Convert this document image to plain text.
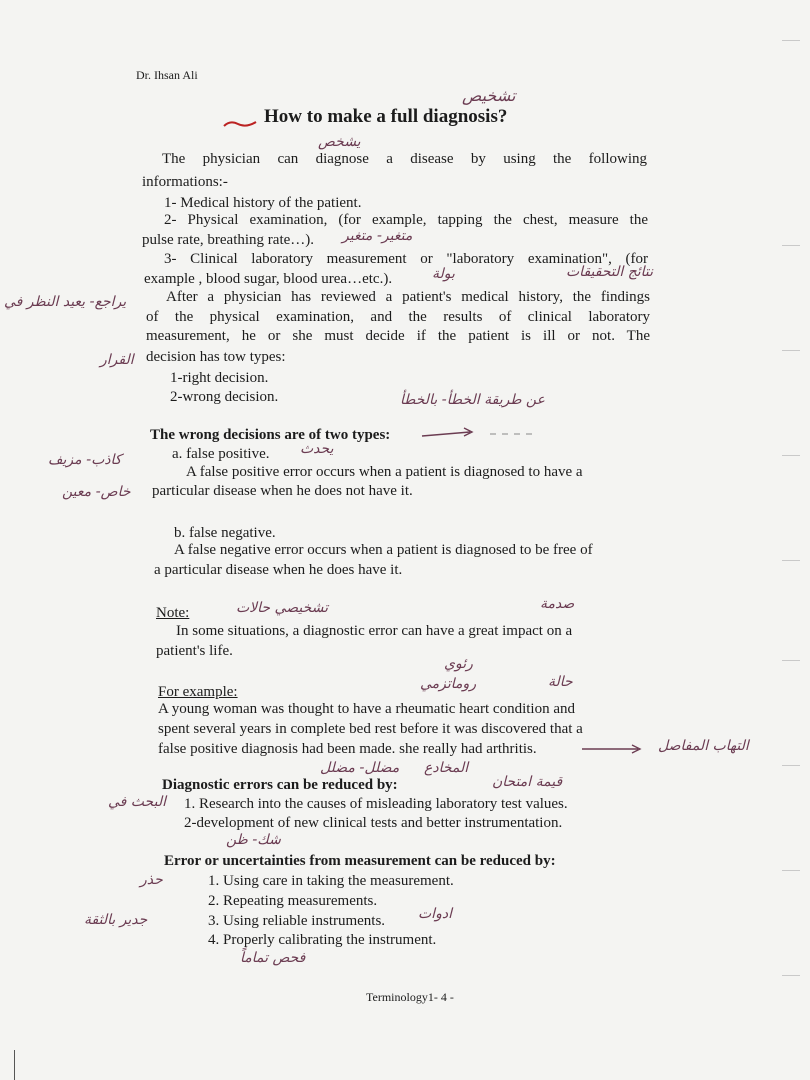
Dr. Ihsan Ali
How to make a full diagnosis?
تشخيص
يشخص
The physician can diagnose a disease by using the following
informations:-
1- Medical history of the patient.
2- Physical examination, (for example, tapping the chest, measure the
pulse rate, breathing rate…). متغير- متغير
3- Clinical laboratory measurement or "laboratory examination", (for
example , blood sugar, blood urea…etc.).	بولة	نتائج التحقيقات
After a physician has reviewed a patient's medical history, the findings
of the physical examination, and the results of clinical laboratory
measurement, he or she must decide if the patient is ill or not. The
decision has tow types:
يراجع- يعيد النظر في
القرار
1-right decision.
2-wrong decision.	عن طريقة الخطأ- بالخطأ
The wrong decisions are of two types:
a. false positive. يحدث
كاذب- مزيف
A false positive error occurs when a patient is diagnosed to have a
particular disease when he does not have it.
خاص- معين
b. false negative.
A false negative error occurs when a patient is diagnosed to be free of
a particular disease when he does have it.
Note:	تشخيصي حالات	صدمة
In some situations, a diagnostic error can have a great impact on a
patient's life.
رئوي
روماتزمي	حالة
For example:
A young woman was thought to have a rheumatic heart condition and
spent several years in complete bed rest before it was discovered that a
false positive diagnosis had been made. she really had arthritis.	التهاب المفاصل
المخادع
مضلل- مضلل
Diagnostic errors can be reduced by:	قيمة امتحان
البحث في 1. Research into the causes of misleading laboratory test values.
2-development of new clinical tests and better instrumentation.
شك- ظن
Error or uncertainties from measurement can be reduced by:
حذر	1. Using care in taking the measurement.
2. Repeating measurements.
3. Using reliable instruments. ادوات
جدير بالثقة
4. Properly calibrating the instrument.
فحص تماماً
Terminology1- 4 -
